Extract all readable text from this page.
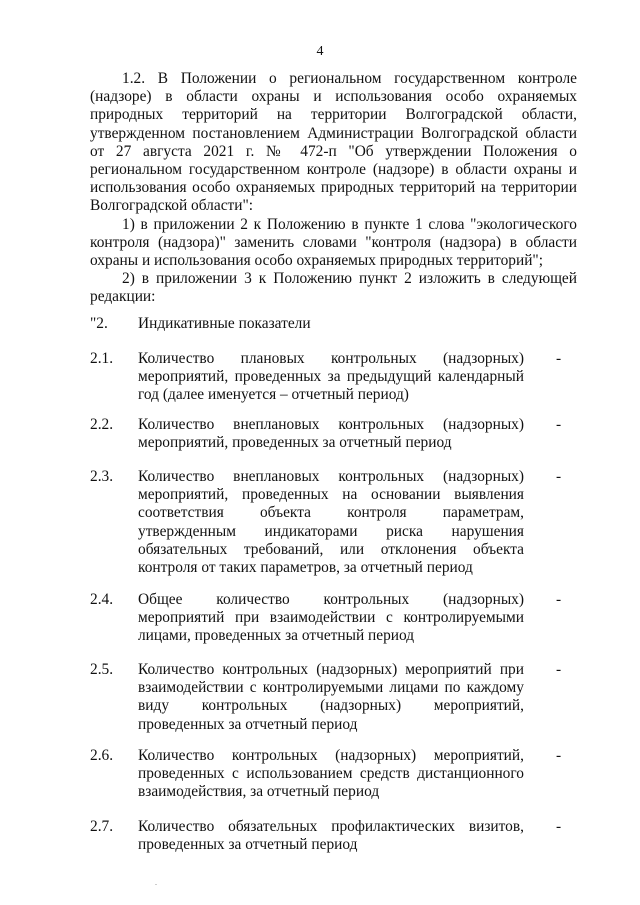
4

1.2. В Положении о региональном государственном контроле (надзоре) в области охраны и использования особо охраняемых природных территорий на территории Волгоградской области, утвержденном постановлением Администрации Волгоградской области от 27 августа 2021 г. № 472-п "Об утверждении Положения о региональном государственном контроле (надзоре) в области охраны и использования особо охраняемых природных территорий на территории Волгоградской области":

1) в приложении 2 к Положению в пункте 1 слова "экологического контроля (надзора)" заменить словами "контроля (надзора) в области охраны и использования особо охраняемых природных территорий";

2) в приложении 3 к Положению пункт 2 изложить в следующей редакции:

"2. Индикативные показатели
2.1. Количество плановых контрольных (надзорных) мероприятий, проведенных за предыдущий календарный год (далее именуется – отчетный период)
-
2.2. Количество внеплановых контрольных (надзорных) мероприятий, проведенных за отчетный период
-
2.3. Количество внеплановых контрольных (надзорных) мероприятий, проведенных на основании выявления соответствия объекта контроля параметрам, утвержденным индикаторами риска нарушения обязательных требований, или отклонения объекта контроля от таких параметров, за отчетный период
-
2.4. Общее количество контрольных (надзорных) мероприятий при взаимодействии с контролируемыми лицами, проведенных за отчетный период
-
2.5. Количество контрольных (надзорных) мероприятий при взаимодействии с контролируемыми лицами по каждому виду контрольных (надзорных) мероприятий, проведенных за отчетный период
-
2.6. Количество контрольных (надзорных) мероприятий, проведенных с использованием средств дистанционного взаимодействия, за отчетный период
-
2.7. Количество обязательных профилактических визитов, проведенных за отчетный период
-
